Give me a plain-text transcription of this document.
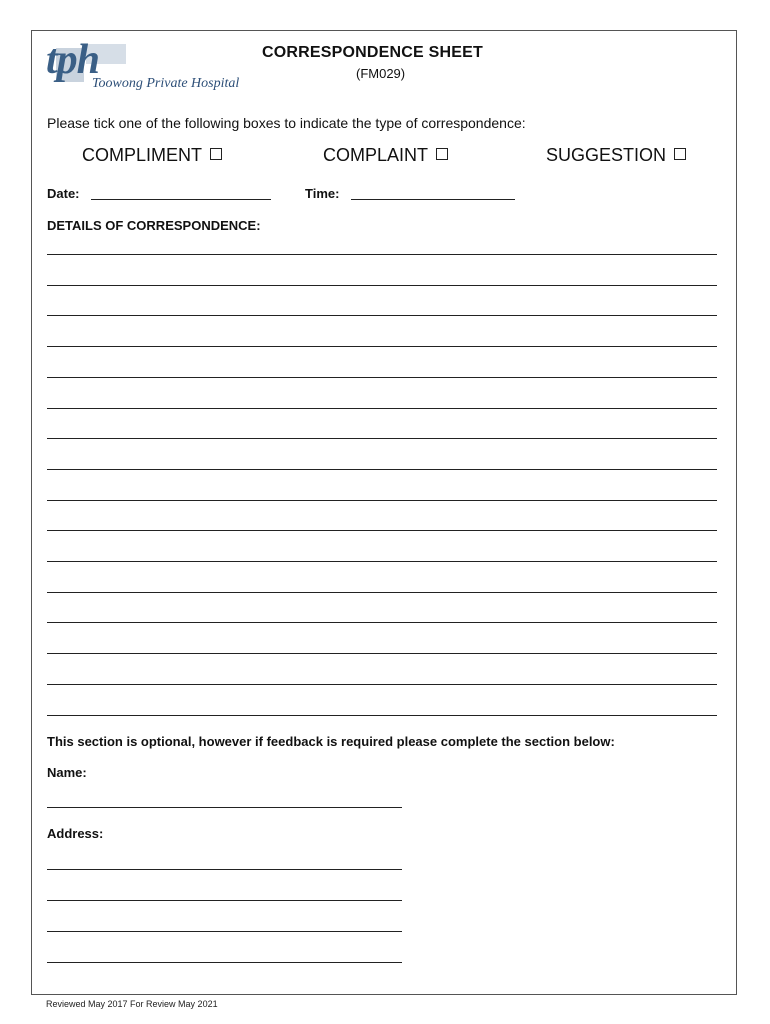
tph
Toowong Private Hospital
CORRESPONDENCE SHEET
(FM029)
Please tick one of the following boxes to indicate the type of correspondence:
COMPLIMENT	COMPLAINT	SUGGESTION
Date:	Time:
DETAILS OF CORRESPONDENCE:
This section is optional, however if feedback is required please complete the section below:
Name:
Address:
Reviewed May 2017 For Review May 2021
